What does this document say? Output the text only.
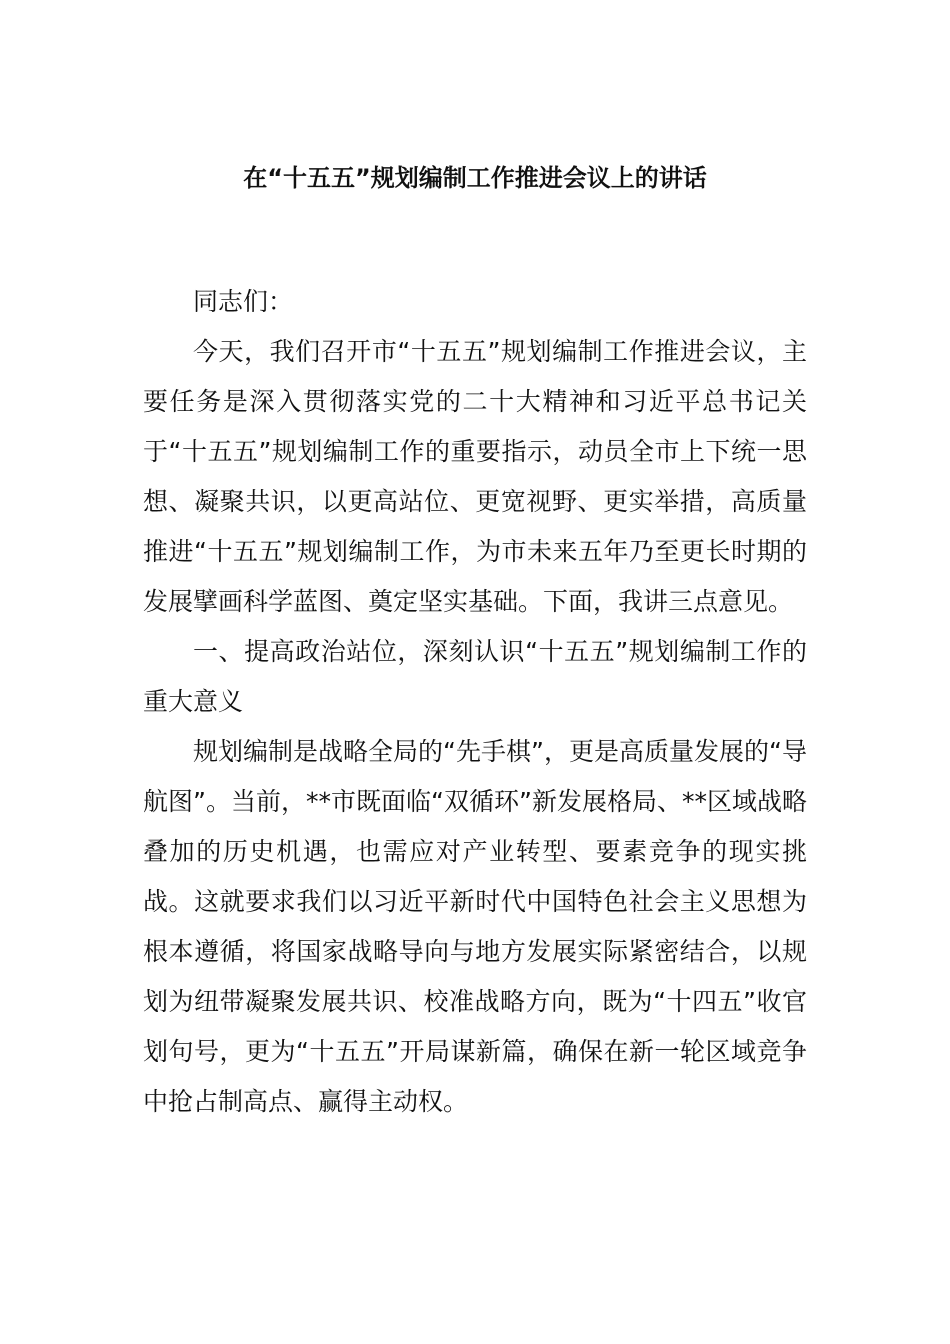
在“十五五”规划编制工作推进会议上的讲话

同志们：

今天，我们召开市“十五五”规划编制工作推进会议，主要任务是深入贯彻落实党的二十大精神和习近平总书记关于“十五五”规划编制工作的重要指示，动员全市上下统一思想、凝聚共识，以更高站位、更宽视野、更实举措，高质量推进“十五五”规划编制工作，为市未来五年乃至更长时期的发展擘画科学蓝图、奠定坚实基础。下面，我讲三点意见。

一、提高政治站位，深刻认识“十五五”规划编制工作的重大意义

规划编制是战略全局的“先手棋”，更是高质量发展的“导航图”。当前，**市既面临“双循环”新发展格局、**区域战略叠加的历史机遇，也需应对产业转型、要素竞争的现实挑战。这就要求我们以习近平新时代中国特色社会主义思想为根本遵循，将国家战略导向与地方发展实际紧密结合，以规划为纽带凝聚发展共识、校准战略方向，既为“十四五”收官划句号，更为“十五五”开局谋新篇，确保在新一轮区域竞争中抢占制高点、赢得主动权。
